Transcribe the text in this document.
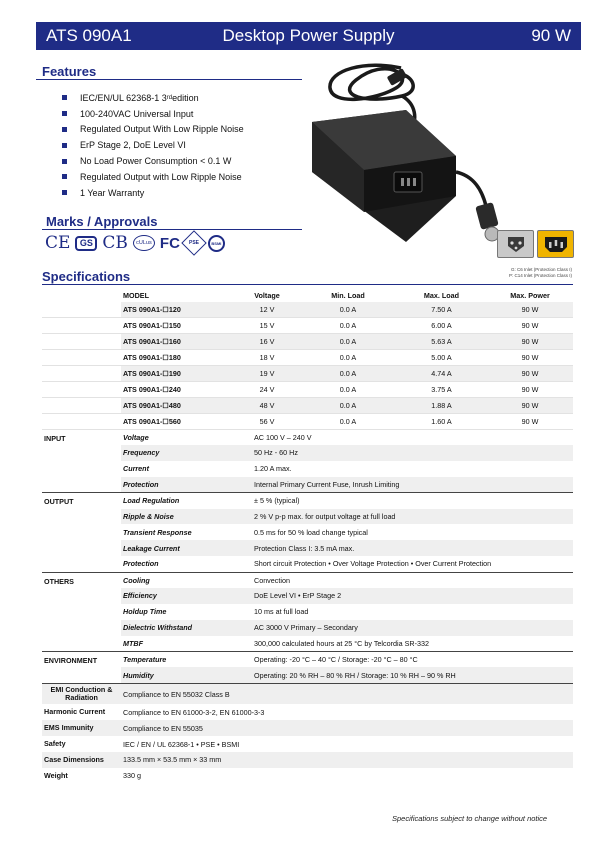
ATS 090A1	Desktop Power Supply	90 W
Features
IEC/EN/UL 62368-1 3 rd edition
100-240VAC Universal Input
Regulated Output With Low Ripple Noise
ErP Stage 2, DoE Level VI
No Load Power Consumption < 0.1 W
Regulated Output with Low Ripple Noise
1 Year Warranty
Marks / Approvals
CE	GS CB	cULus FC PSE	BSMI
G: C6 Inlet (Protection Class I)
P: C14 Inlet (Protection Class I)
Specifications
	MODEL	Voltage	Min. Load	Max. Load	Max. Power
	ATS 090A1-☐120	12 V	0.0 A	7.50 A	90 W
	ATS 090A1-☐150	15 V	0.0 A	6.00 A	90 W
	ATS 090A1-☐160	16 V	0.0 A	5.63 A	90 W
	ATS 090A1-☐180	18 V	0.0 A	5.00 A	90 W
	ATS 090A1-☐190	19 V	0.0 A	4.74 A	90 W
	ATS 090A1-☐240	24 V	0.0 A	3.75 A	90 W
	ATS 090A1-☐480	48 V	0.0 A	1.88 A	90 W
	ATS 090A1-☐560	56 V	0.0 A	1.60 A	90 W
INPUT	Voltage	AC 100 V – 240 V			
	Frequency	50 Hz - 60 Hz			
	Current	1.20 A max.			
	Protection	Internal Primary Current Fuse, Inrush Limiting			
OUTPUT	Load Regulation	± 5 % (typical)			
	Ripple & Noise	2 % V p-p max. for output voltage at full load			
	Transient Response	0.5 ms for 50 % load change typical			
	Leakage Current	Protection Class I: 3.5 mA max.			
	Protection	Short circuit Protection • Over Voltage Protection • Over Current Protection			
OTHERS	Cooling	Convection			
	Efficiency	DoE Level VI • ErP Stage 2			
	Holdup Time	10 ms at full load			
	Dielectric Withstand	AC 3000 V Primary – Secondary			
	MTBF	300,000 calculated hours at 25 °C by Telcordia SR-332			
ENVIRONMENT	Temperature	Operating: -20 °C – 40 °C / Storage: -20 °C – 80 °C			
	Humidity	Operating: 20 % RH – 80 % RH / Storage: 10 % RH – 90 % RH			
EMI Conduction & Radiation	Compliance to EN 55032 Class B				
Harmonic Current	Compliance to EN 61000-3-2, EN 61000-3-3				
EMS Immunity	Compliance to EN 55035				
Safety	IEC / EN / UL 62368-1 • PSE • BSMI				
Case Dimensions	133.5 mm × 53.5 mm × 33 mm				
Weight	330 g				
Specifications subject to change without notice
